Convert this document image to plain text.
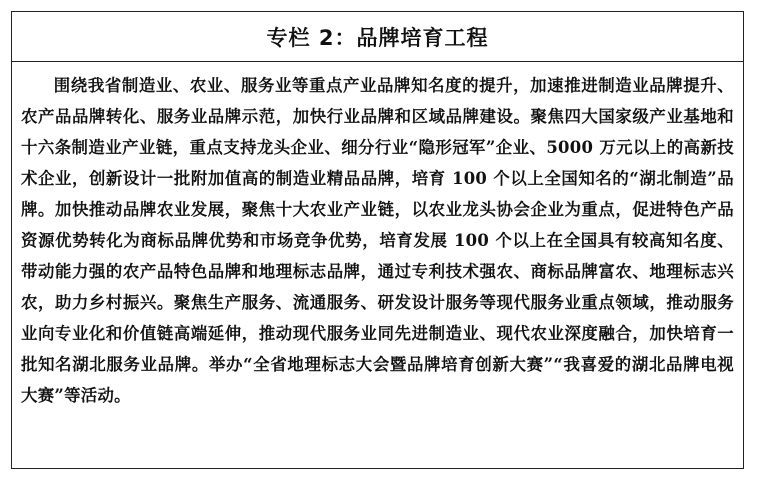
专栏 2：品牌培育工程

围绕我省制造业、农业、服务业等重点产业品牌知名度的提升，加速推进制造业品牌提升、农产品品牌转化、服务业品牌示范，加快行业品牌和区域品牌建设。聚焦四大国家级产业基地和十六条制造业产业链，重点支持龙头企业、细分行业“隐形冠军”企业、5000 万元以上的高新技术企业，创新设计一批附加值高的制造业精品品牌，培育 100 个以上全国知名的“湖北制造”品牌。加快推动品牌农业发展，聚焦十大农业产业链，以农业龙头协会企业为重点，促进特色产品资源优势转化为商标品牌优势和市场竞争优势，培育发展 100 个以上在全国具有较高知名度、带动能力强的农产品特色品牌和地理标志品牌，通过专利技术强农、商标品牌富农、地理标志兴农，助力乡村振兴。聚焦生产服务、流通服务、研发设计服务等现代服务业重点领域，推动服务业向专业化和价值链高端延伸，推动现代服务业同先进制造业、现代农业深度融合，加快培育一批知名湖北服务业品牌。举办“全省地理标志大会暨品牌培育创新大赛”“我喜爱的湖北品牌电视大赛”等活动。
